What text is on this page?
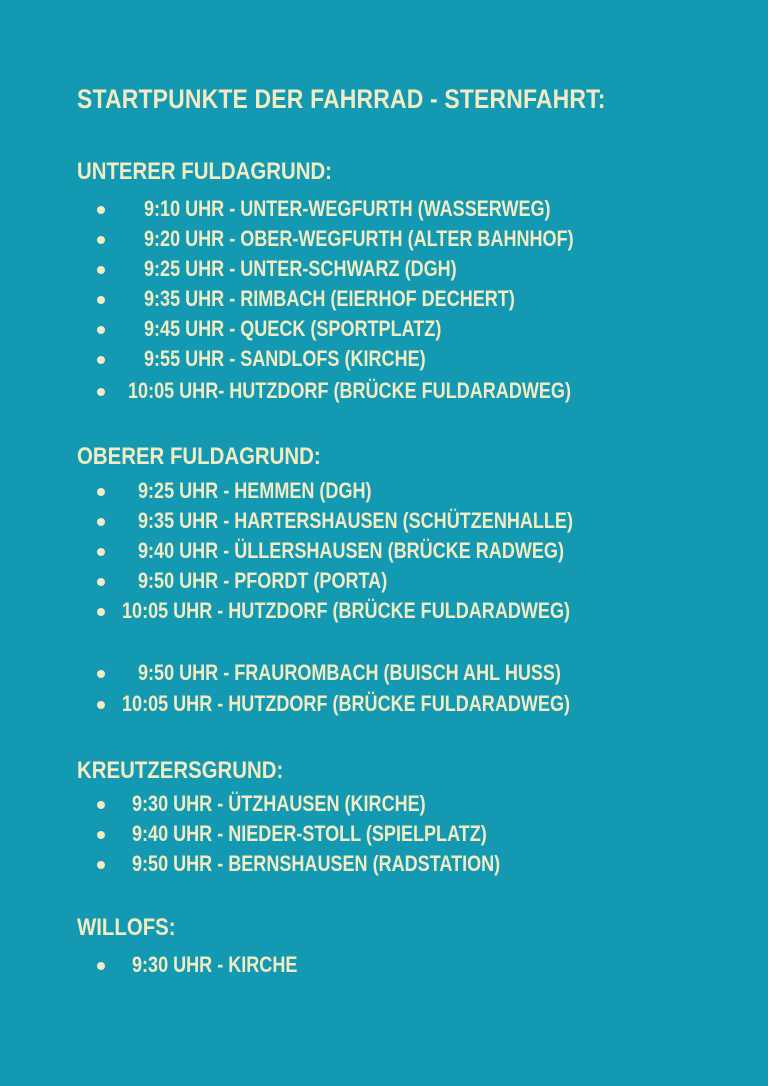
STARTPUNKTE DER FAHRRAD - STERNFAHRT:
UNTERER FULDAGRUND:
9:10 UHR - UNTER-WEGFURTH (WASSERWEG)
9:20 UHR - OBER-WEGFURTH (ALTER BAHNHOF)
9:25 UHR - UNTER-SCHWARZ (DGH)
9:35 UHR - RIMBACH (EIERHOF DECHERT)
9:45 UHR - QUECK (SPORTPLATZ)
9:55 UHR - SANDLOFS (KIRCHE)
10:05 UHR- HUTZDORF (BRÜCKE FULDARADWEG)
OBERER FULDAGRUND:
9:25 UHR - HEMMEN (DGH)
9:35 UHR - HARTERSHAUSEN (SCHÜTZENHALLE)
9:40 UHR - ÜLLERSHAUSEN (BRÜCKE RADWEG)
9:50 UHR - PFORDT (PORTA)
10:05 UHR - HUTZDORF (BRÜCKE FULDARADWEG)
9:50 UHR - FRAUROMBACH (BUISCH AHL HUSS)
10:05 UHR - HUTZDORF (BRÜCKE FULDARADWEG)
KREUTZERSGRUND:
9:30 UHR - ÜTZHAUSEN (KIRCHE)
9:40 UHR - NIEDER-STOLL (SPIELPLATZ)
9:50 UHR - BERNSHAUSEN (RADSTATION)
WILLOFS:
9:30 UHR - KIRCHE
